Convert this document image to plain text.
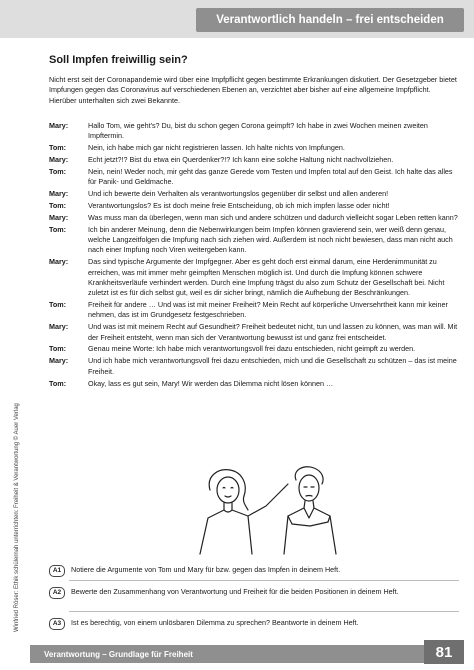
Verantwortlich handeln – frei entscheiden
Soll Impfen freiwillig sein?

Nicht erst seit der Coronapandemie wird über eine Impfpflicht gegen bestimmte Erkrankungen diskutiert. Der Gesetzgeber bietet Impfungen gegen das Coronavirus auf verschiedenen Ebenen an, verzichtet aber bisher auf eine allgemeine Impfpflicht. Hierüber unterhalten sich zwei Bekannte.

Mary:	Hallo Tom, wie geht's? Du, bist du schon gegen Corona geimpft? Ich habe in zwei Wochen meinen zweiten Impftermin.
Tom:	Nein, ich habe mich gar nicht registrieren lassen. Ich halte nichts von Impfungen.
Mary:	Echt jetzt?!? Bist du etwa ein Querdenker?!? Ich kann eine solche Haltung nicht nachvollziehen.
Tom:	Nein, nein! Weder noch, mir geht das ganze Gerede vom Testen und Impfen total auf den Geist. Ich halte das alles für Panik- und Geldmache.
Mary:	Und ich bewerte dein Verhalten als verantwortungslos gegenüber dir selbst und allen anderen!
Tom:	Verantwortungslos? Es ist doch meine freie Entscheidung, ob ich mich impfen lasse oder nicht!
Mary:	Was muss man da überlegen, wenn man sich und andere schützen und dadurch vielleicht sogar Leben retten kann?
Tom:	Ich bin anderer Meinung, denn die Nebenwirkungen beim Impfen können gravierend sein, wer weiß denn genau, welche Langzeitfolgen die Impfung nach sich ziehen wird. Außerdem ist noch nicht bewiesen, dass man nicht auch nach einer Impfung noch Viren weitergeben kann.
Mary:	Das sind typische Argumente der Impfgegner. Aber es geht doch erst einmal darum, eine Herdenimmunität zu erreichen, was mit immer mehr geimpften Menschen möglich ist. Und durch die Impfung können schwere Krankheitsverläufe verhindert werden. Durch eine Impfung trägst du also zum Schutz der Gesellschaft bei. Nicht zuletzt ist es für dich selbst gut, weil es dir sicher bringt, nämlich die Aufhebung der Beschränkungen.
Tom:	Freiheit für andere … Und was ist mit meiner Freiheit? Mein Recht auf körperliche Unversehrtheit kann mir keiner nehmen, das ist im Grundgesetz festgeschrieben.
Mary:	Und was ist mit meinem Recht auf Gesundheit? Freiheit bedeutet nicht, tun und lassen zu können, was man will. Mit der Freiheit entsteht, wenn man sich der Verantwortung bewusst ist und ganz frei entscheidet.
Tom:	Genau meine Worte: Ich habe mich verantwortungsvoll frei dazu entschieden, nicht geimpft zu werden.
Mary:	Und ich habe mich verantwortungsvoll frei dazu entschieden, mich und die Gesellschaft zu schützen – das ist meine Freiheit.
Tom:	Okay, lass es gut sein, Mary! Wir werden das Dilemma nicht lösen können …
A1	Notiere die Argumente von Tom und Mary für bzw. gegen das Impfen in deinem Heft.
A2	Bewerte den Zusammenhang von Verantwortung und Freiheit für die beiden Positionen in deinem Heft.
A3	Ist es berechtig, von einem unlösbaren Dilemma zu sprechen? Beantworte in deinem Heft.
Winfried Röser: Ethik schülernah unterrichten: Freiheit & Verantwortung © Auer Verlag
Verantwortung – Grundlage für Freiheit	81
